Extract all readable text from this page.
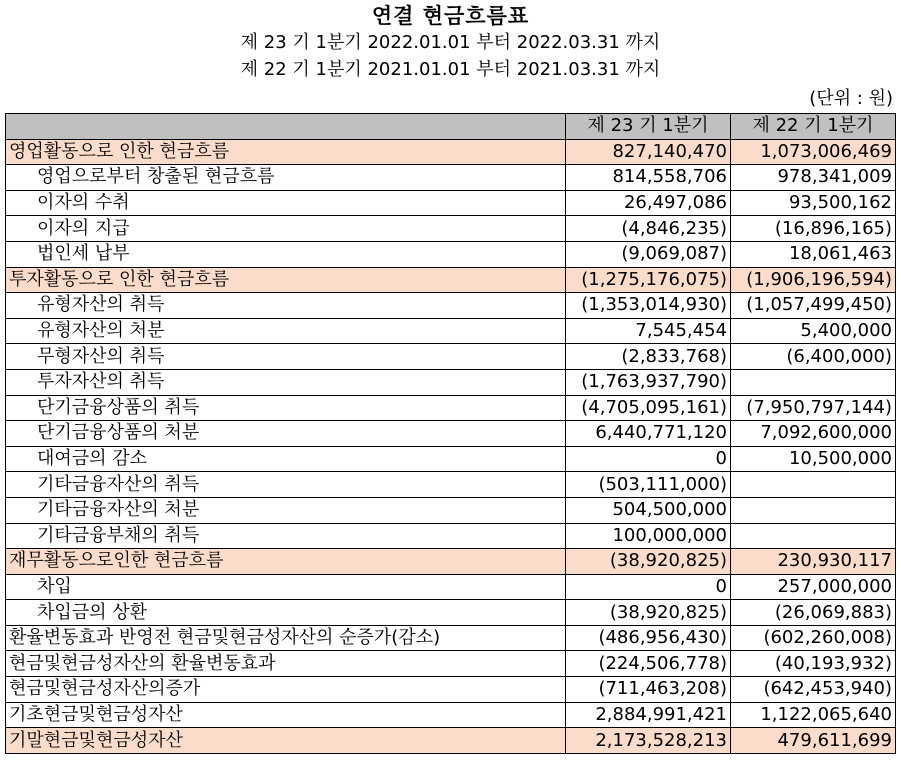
연결 현금흐름표
제 23 기 1분기 2022.01.01 부터 2022.03.31 까지
제 22 기 1분기 2021.01.01 부터 2021.03.31 까지
(단위 : 원)
	제 23 기 1분기	제 22 기 1분기
영업활동으로 인한 현금흐름	827,140,470	1,073,006,469
영업으로부터 창출된 현금흐름	814,558,706	978,341,009
이자의 수취	26,497,086	93,500,162
이자의 지급	(4,846,235)	(16,896,165)
법인세 납부	(9,069,087)	18,061,463
투자활동으로 인한 현금흐름	(1,275,176,075)	(1,906,196,594)
유형자산의 취득	(1,353,014,930)	(1,057,499,450)
유형자산의 처분	7,545,454	5,400,000
무형자산의 취득	(2,833,768)	(6,400,000)
투자자산의 취득	(1,763,937,790)	
단기금융상품의 취득	(4,705,095,161)	(7,950,797,144)
단기금융상품의 처분	6,440,771,120	7,092,600,000
대여금의 감소	0	10,500,000
기타금융자산의 취득	(503,111,000)	
기타금융자산의 처분	504,500,000	
기타금융부채의 취득	100,000,000	
재무활동으로인한 현금흐름	(38,920,825)	230,930,117
차입	0	257,000,000
차입금의 상환	(38,920,825)	(26,069,883)
환율변동효과 반영전 현금및현금성자산의 순증가(감소)	(486,956,430)	(602,260,008)
현금및현금성자산의 환율변동효과	(224,506,778)	(40,193,932)
현금및현금성자산의증가	(711,463,208)	(642,453,940)
기초현금및현금성자산	2,884,991,421	1,122,065,640
기말현금및현금성자산	2,173,528,213	479,611,699
